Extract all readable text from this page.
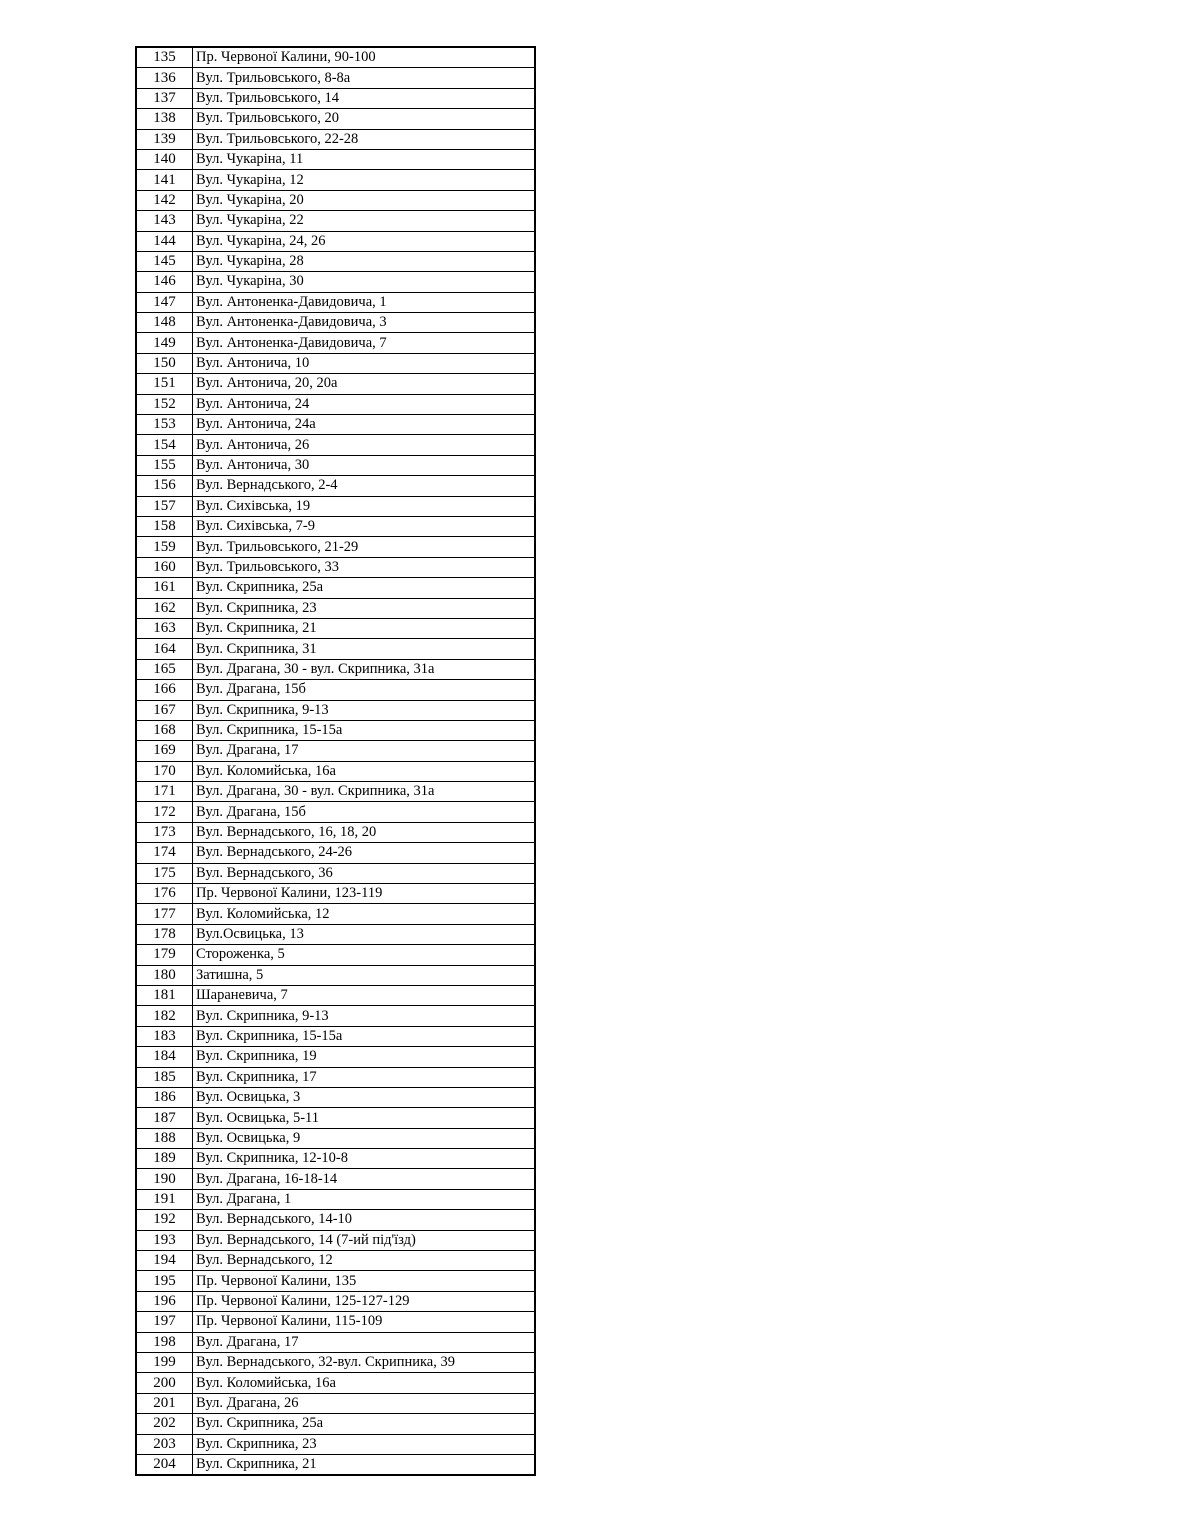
135	Пр. Червоної Калини, 90-100
136	Вул. Трильовського, 8-8а
137	Вул. Трильовського, 14
138	Вул. Трильовського, 20
139	Вул. Трильовського, 22-28
140	Вул. Чукаріна, 11
141	Вул. Чукаріна, 12
142	Вул. Чукаріна, 20
143	Вул. Чукаріна, 22
144	Вул. Чукаріна, 24, 26
145	Вул. Чукаріна, 28
146	Вул. Чукаріна, 30
147	Вул. Антоненка-Давидовича, 1
148	Вул. Антоненка-Давидовича, 3
149	Вул. Антоненка-Давидовича, 7
150	Вул. Антонича, 10
151	Вул. Антонича, 20, 20а
152	Вул. Антонича, 24
153	Вул. Антонича, 24а
154	Вул. Антонича, 26
155	Вул. Антонича, 30
156	Вул. Вернадського, 2-4
157	Вул. Сихівська, 19
158	Вул. Сихівська, 7-9
159	Вул. Трильовського, 21-29
160	Вул. Трильовського, 33
161	Вул. Скрипника, 25а
162	Вул. Скрипника, 23
163	Вул. Скрипника, 21
164	Вул. Скрипника, 31
165	Вул. Драгана, 30 - вул. Скрипника, 31а
166	Вул. Драгана, 15б
167	Вул. Скрипника, 9-13
168	Вул. Скрипника, 15-15а
169	Вул. Драгана, 17
170	Вул. Коломийська, 16а
171	Вул. Драгана, 30 - вул. Скрипника, 31а
172	Вул. Драгана, 15б
173	Вул. Вернадського, 16, 18, 20
174	Вул. Вернадського, 24-26
175	Вул. Вернадського, 36
176	Пр. Червоної Калини, 123-119
177	Вул. Коломийська, 12
178	Вул.Освицька, 13
179	Стороженка, 5
180	Затишна, 5
181	Шараневича, 7
182	Вул. Скрипника, 9-13
183	Вул. Скрипника, 15-15а
184	Вул. Скрипника, 19
185	Вул. Скрипника, 17
186	Вул. Освицька, 3
187	Вул. Освицька, 5-11
188	Вул. Освицька, 9
189	Вул. Скрипника, 12-10-8
190	Вул. Драгана, 16-18-14
191	Вул. Драгана, 1
192	Вул. Вернадського, 14-10
193	Вул. Вернадського, 14 (7-ий під'їзд)
194	Вул. Вернадського, 12
195	Пр. Червоної Калини, 135
196	Пр. Червоної Калини, 125-127-129
197	Пр. Червоної Калини, 115-109
198	Вул. Драгана, 17
199	Вул. Вернадського, 32-вул. Скрипника, 39
200	Вул. Коломийська, 16а
201	Вул. Драгана, 26
202	Вул. Скрипника, 25а
203	Вул. Скрипника, 23
204	Вул. Скрипника, 21
